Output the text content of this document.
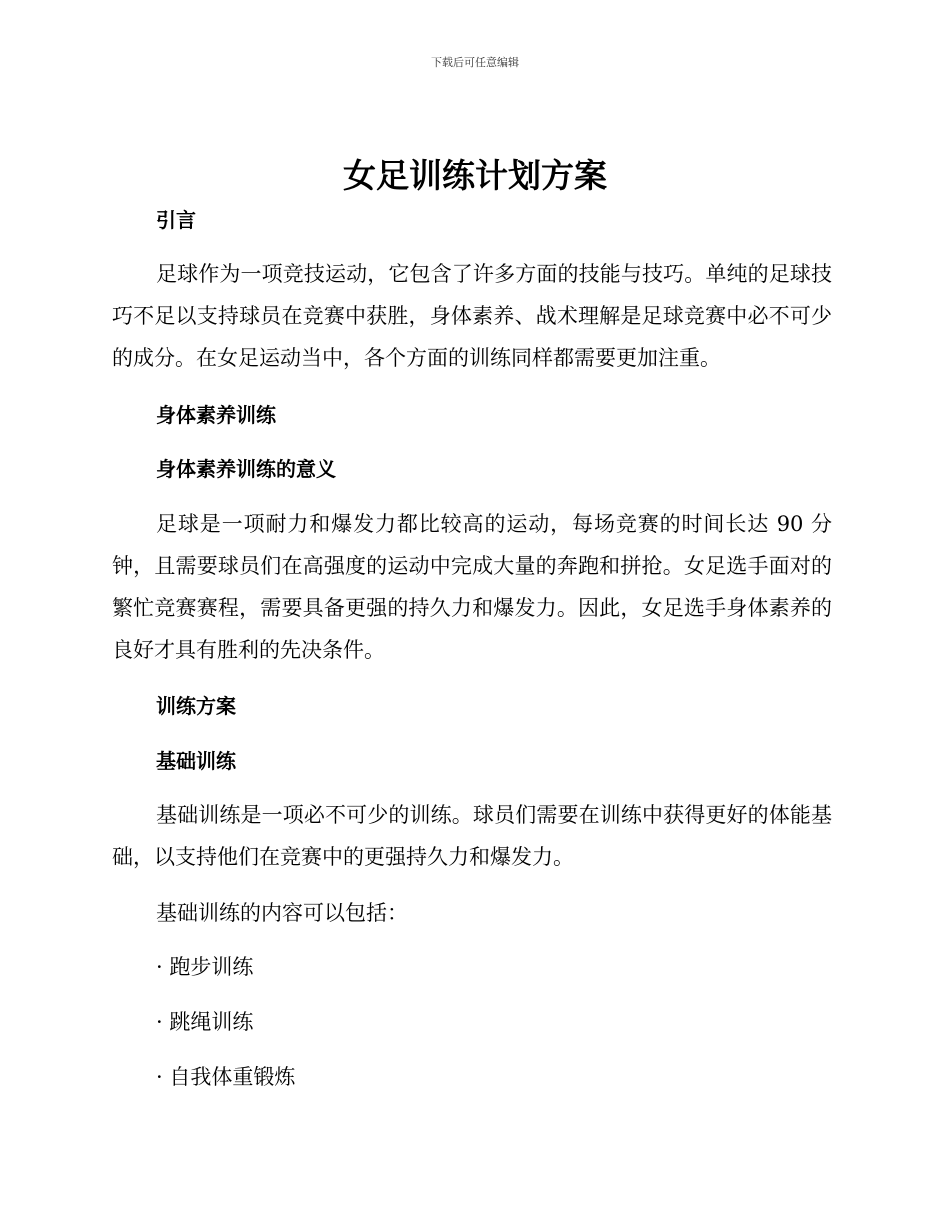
下载后可任意编辑
女足训练计划方案
引言

足球作为一项竞技运动，它包含了许多方面的技能与技巧。单纯的足球技巧不足以支持球员在竞赛中获胜，身体素养、战术理解是足球竞赛中必不可少的成分。在女足运动当中，各个方面的训练同样都需要更加注重。

身体素养训练
身体素养训练的意义

足球是一项耐力和爆发力都比较高的运动，每场竞赛的时间长达 90 分钟，且需要球员们在高强度的运动中完成大量的奔跑和拼抢。女足选手面对的繁忙竞赛赛程，需要具备更强的持久力和爆发力。因此，女足选手身体素养的良好才具有胜利的先决条件。

训练方案
基础训练

基础训练是一项必不可少的训练。球员们需要在训练中获得更好的体能基础，以支持他们在竞赛中的更强持久力和爆发力。

基础训练的内容可以包括：

· 跑步训练

· 跳绳训练

· 自我体重锻炼
